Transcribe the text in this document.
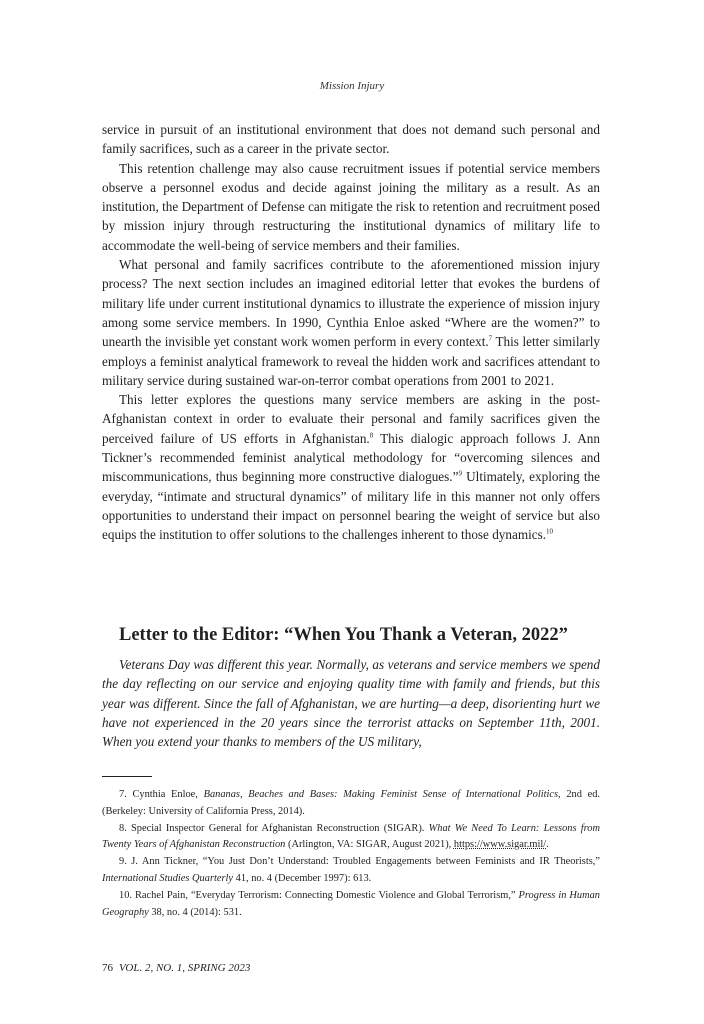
Mission Injury

service in pursuit of an institutional environment that does not demand such personal and family sacrifices, such as a career in the private sector.

This retention challenge may also cause recruitment issues if potential service members observe a personnel exodus and decide against joining the military as a result. As an institution, the Department of Defense can mitigate the risk to retention and recruitment posed by mission injury through restructuring the institutional dynamics of military life to accommodate the well-being of service members and their families.

What personal and family sacrifices contribute to the aforementioned mission injury process? The next section includes an imagined editorial letter that evokes the burdens of military life under current institutional dynamics to illustrate the experience of mission injury among some service members. In 1990, Cynthia Enloe asked “Where are the women?” to unearth the invisible yet constant work women perform in every context.$^7$ This letter similarly employs a feminist analytical framework to reveal the hidden work and sacrifices attendant to military service during sustained war-on-terror combat operations from 2001 to 2021.

This letter explores the questions many service members are asking in the post-Afghanistan context in order to evaluate their personal and family sacrifices given the perceived failure of US efforts in Afghanistan.$^8$ This dialogic approach follows J. Ann Tickner’s recommended feminist analytical methodology for “overcoming silences and miscommunications, thus beginning more constructive dialogues.”$^9$ Ultimately, exploring the everyday, “intimate and structural dynamics” of military life in this manner not only offers opportunities to understand their impact on personnel bearing the weight of service but also equips the institution to offer solutions to the challenges inherent to those dynamics.$^{10}$

Letter to the Editor: “When You Thank a Veteran, 2022”

Veterans Day was different this year. Normally, as veterans and service members we spend the day reflecting on our service and enjoying quality time with family and friends, but this year was different. Since the fall of Afghanistan, we are hurting—a deep, disorienting hurt we have not experienced in the 20 years since the terrorist attacks on September 11th, 2001. When you extend your thanks to members of the US military,

7. Cynthia Enloe, Bananas, Beaches and Bases: Making Feminist Sense of International Politics, 2nd ed. (Berkeley: University of California Press, 2014).

8. Special Inspector General for Afghanistan Reconstruction (SIGAR). What We Need To Learn: Lessons from Twenty Years of Afghanistan Reconstruction (Arlington, VA: SIGAR, August 2021), https://www.sigar.mil/.

9. J. Ann Tickner, “You Just Don’t Understand: Troubled Engagements between Feminists and IR Theorists,” International Studies Quarterly 41, no. 4 (December 1997): 613.

10. Rachel Pain, “Everyday Terrorism: Connecting Domestic Violence and Global Terrorism,” Progress in Human Geography 38, no. 4 (2014): 531.

76 VOL. 2, NO. 1, SPRING 2023
